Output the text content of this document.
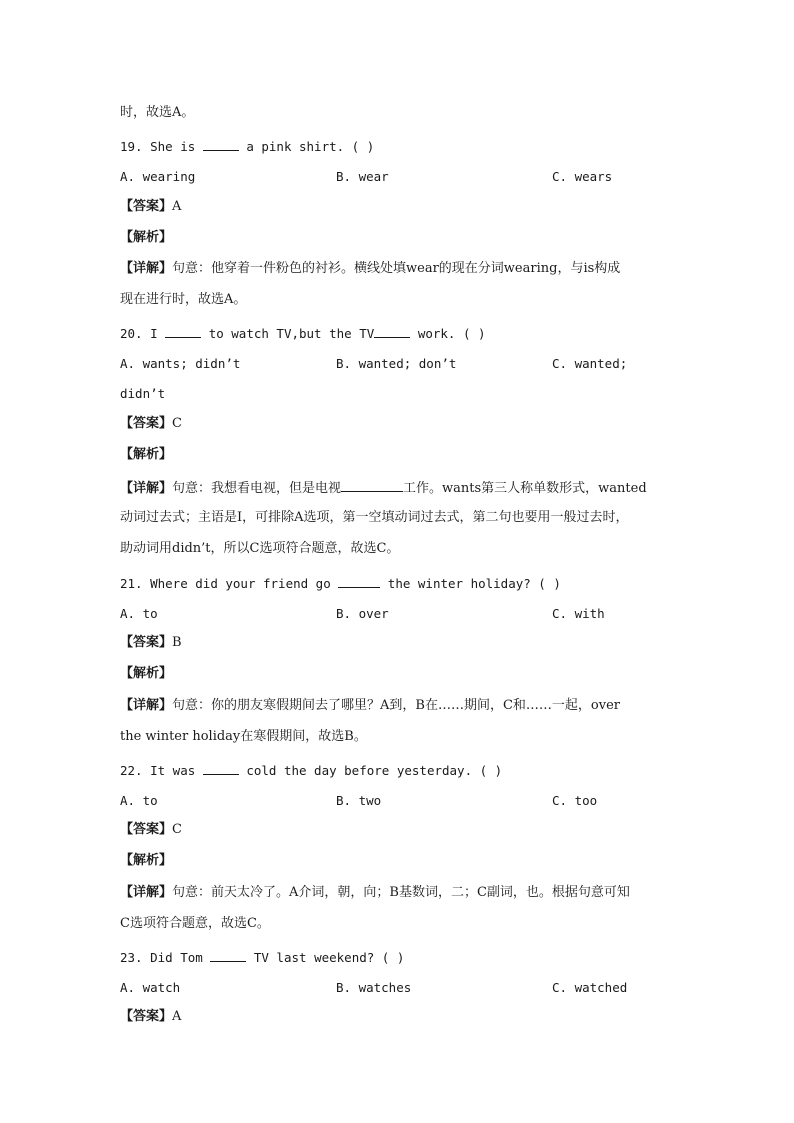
时，故选A。
19. She is	a pink shirt. ( )
A. wearing	B. wear	C. wears
【答案】A
【解析】
【详解】句意：他穿着一件粉色的衬衫。横线处填wear的现在分词wearing，与is构成
现在进行时，故选A。
20. I	to watch TV,but the TV	work. ( )
A. wants; didn’t	B. wanted; don’t	C. wanted;
didn’t
【答案】C
【解析】
【详解】句意：我想看电视，但是电视	工作。wants第三人称单数形式，wanted
动词过去式；主语是I，可排除A选项，第一空填动词过去式，第二句也要用一般过去时，
助动词用didn’t，所以C选项符合题意，故选C。
21. Where did your friend go	the winter holiday? ( )
A. to	B. over	C. with
【答案】B
【解析】
【详解】句意：你的朋友寒假期间去了哪里？A到，B在……期间，C和……一起，over
the winter holiday在寒假期间，故选B。
22. It was	cold the day before yesterday. ( )
A. to	B. two	C. too
【答案】C
【解析】
【详解】句意：前天太冷了。A介词，朝，向；B基数词，二；C副词，也。根据句意可知
C选项符合题意，故选C。
23. Did Tom	TV last weekend? ( )
A. watch	B. watches	C. watched
【答案】A
